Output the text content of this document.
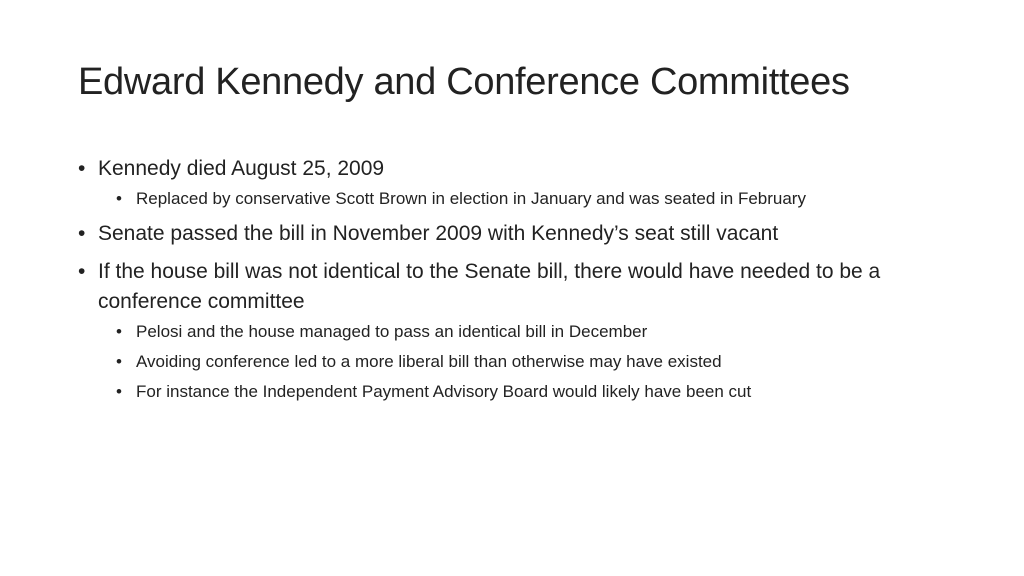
Edward Kennedy and Conference Committees
• Kennedy died August 25, 2009
• Replaced by conservative Scott Brown in election in January and was seated in February
• Senate passed the bill in November 2009 with Kennedy’s seat still vacant
• If the house bill was not identical to the Senate bill, there would have needed to be a conference committee
• Pelosi and the house managed to pass an identical bill in December
• Avoiding conference led to a more liberal bill than otherwise may have existed
• For instance the Independent Payment Advisory Board would likely have been cut
